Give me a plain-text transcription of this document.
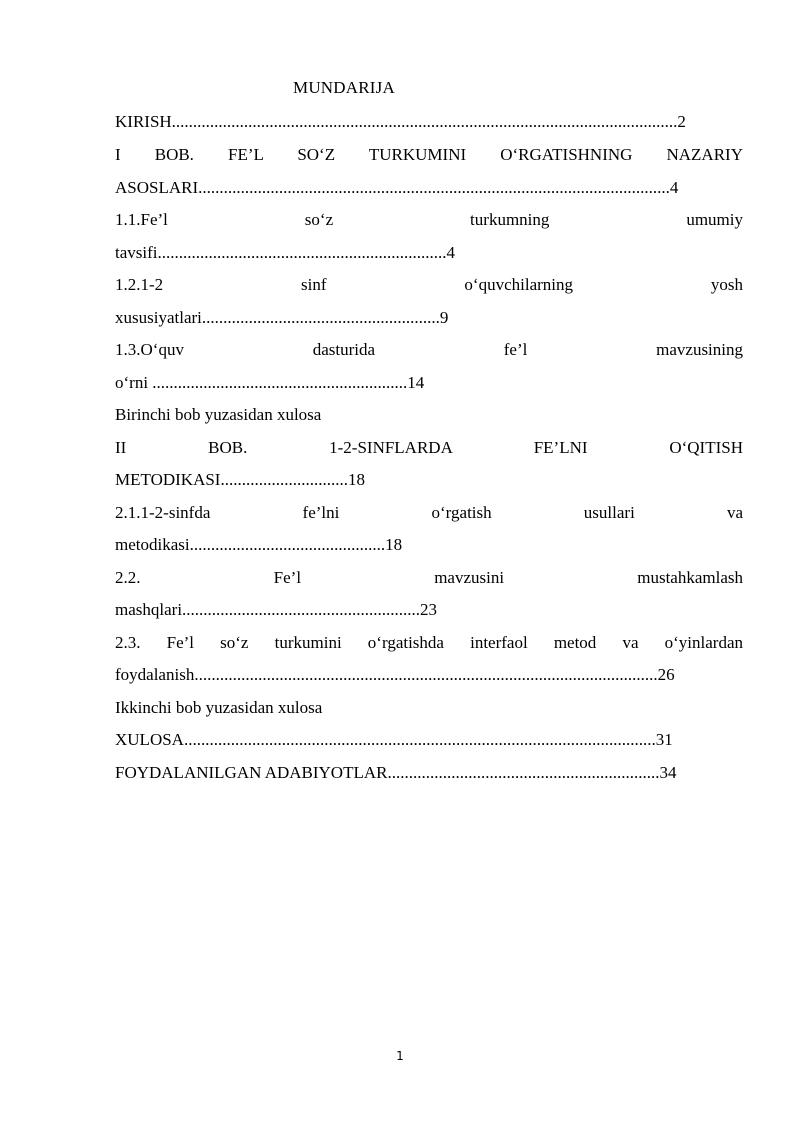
MUNDARIJA
KIRISH.......................................................................................................................2
I BOB. FE’L SO‘Z TURKUMINI O‘RGATISHNING NAZARIY
ASOSLARI...............................................................................................................4
1.1.Fe’l so‘z turkumning umumiy
tavsifi....................................................................4
1.2.1-2 sinf o‘quvchilarning yosh
xususiyatlari........................................................9
1.3.O‘quv dasturida fe’l mavzusining
o‘rni ............................................................14
Birinchi bob yuzasidan xulosa
II BOB. 1-2-SINFLARDA FE’LNI O‘QITISH
METODIKASI..............................18
2.1.1-2-sinfda fe’lni o‘rgatish usullari va
metodikasi..............................................18
2.2. Fe’l mavzusini mustahkamlash
mashqlari........................................................23
2.3. Fe’l so‘z turkumini o‘rgatishda interfaol metod va o‘yinlardan
foydalanish.............................................................................................................26
Ikkinchi bob yuzasidan xulosa
XULOSA...............................................................................................................31
FOYDALANILGAN ADABIYOTLAR................................................................34
1
